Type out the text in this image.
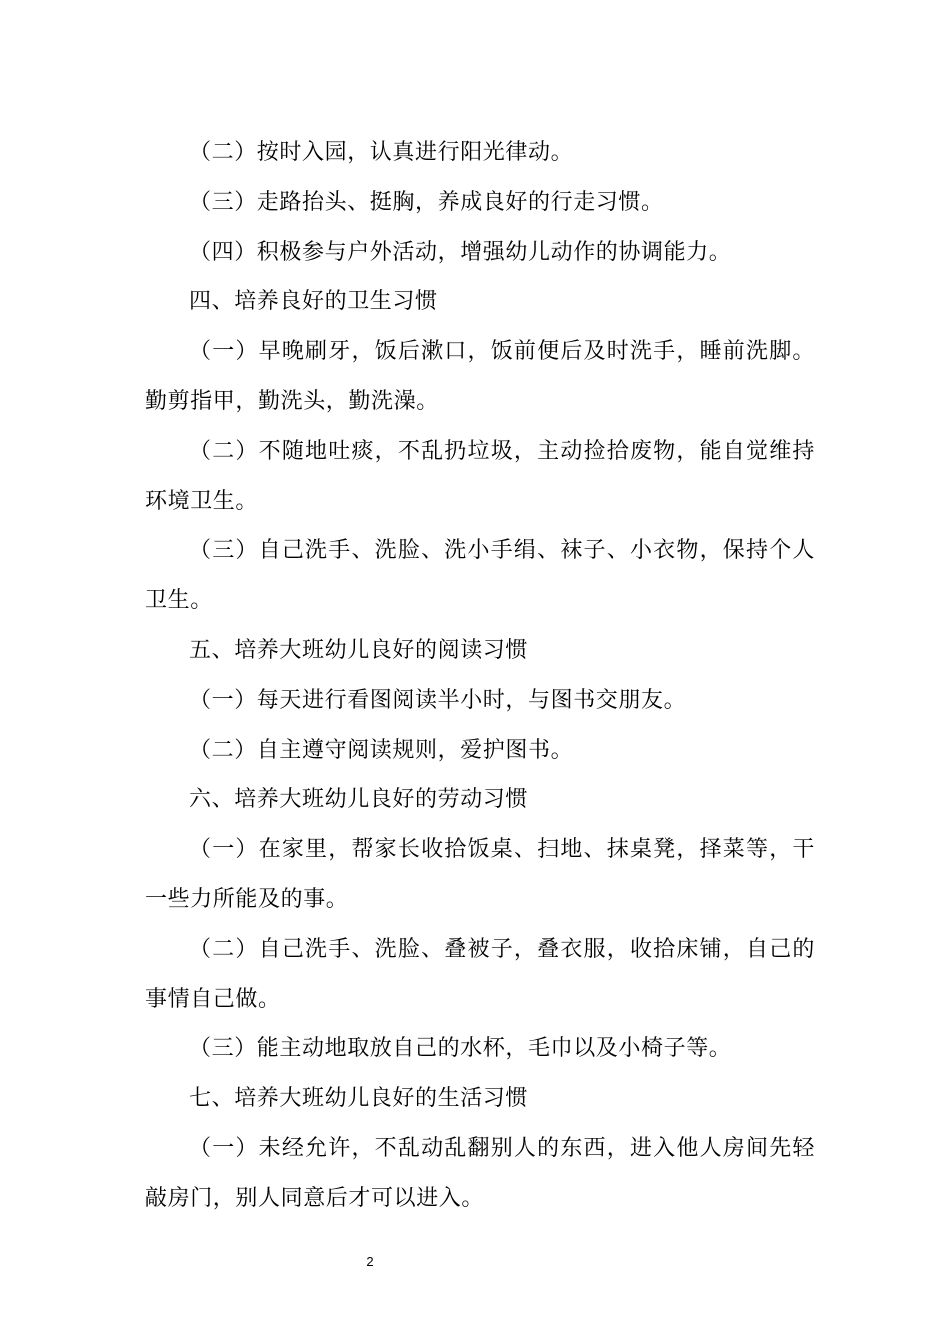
（二）按时入园，认真进行阳光律动。

（三）走路抬头、挺胸，养成良好的行走习惯。

（四）积极参与户外活动，增强幼儿动作的协调能力。

四、培养良好的卫生习惯

（一）早晚刷牙，饭后漱口，饭前便后及时洗手，睡前洗脚。勤剪指甲，勤洗头，勤洗澡。

（二）不随地吐痰，不乱扔垃圾，主动捡拾废物，能自觉维持环境卫生。

（三）自己洗手、洗脸、洗小手绢、袜子、小衣物，保持个人卫生。

五、培养大班幼儿良好的阅读习惯

（一）每天进行看图阅读半小时，与图书交朋友。

（二）自主遵守阅读规则，爱护图书。

六、培养大班幼儿良好的劳动习惯

（一）在家里，帮家长收拾饭桌、扫地、抹桌凳，择菜等，干一些力所能及的事。

（二）自己洗手、洗脸、叠被子，叠衣服，收拾床铺，自己的事情自己做。

（三）能主动地取放自己的水杯，毛巾以及小椅子等。

七、培养大班幼儿良好的生活习惯

（一）未经允许，不乱动乱翻别人的东西，进入他人房间先轻敲房门，别人同意后才可以进入。

2
